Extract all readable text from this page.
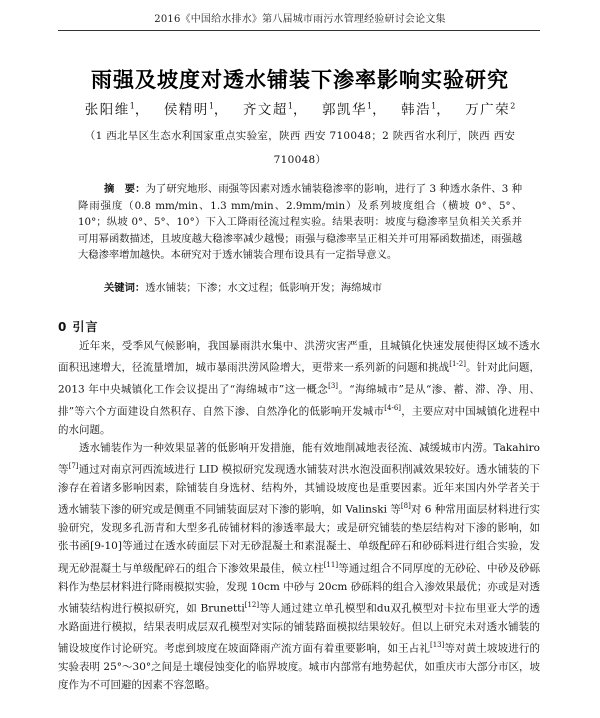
2016《中国给水排水》第八届城市雨污水管理经验研讨会论文集
雨强及坡度对透水铺装下渗率影响实验研究
张阳维$^1$， 侯精明$^1$， 齐文超$^1$， 郭凯华$^1$， 韩浩$^1$， 万广荣$^2$
（1 西北旱区生态水利国家重点实验室，陕西 西安 710048；2 陕西省水利厅，陕西 西安 710048）
摘　要：为了研究地形、雨强等因素对透水铺装稳渗率的影响，进行了 3 种透水条件、3 种降雨强度（0.8 mm/min、1.3 mm/min、2.9mm/min）及系列坡度组合（横坡 0°、5°、10°；纵坡 0°、5°、10°）下入工降雨径流过程实验。结果表明：坡度与稳渗率呈负相关关系并可用幂函数描述，且坡度越大稳渗率减少越慢；雨强与稳渗率呈正相关并可用幂函数描述，雨强越大稳渗率增加越快。本研究对于透水铺装合理布设具有一定指导意义。
关键词：透水铺装；下渗；水文过程；低影响开发；海绵城市
0 引言

近年来，受季风气候影响，我国暴雨洪水集中、洪涝灾害严重，且城镇化快速发展使得区域不透水面积迅速增大，径流量增加，城市暴雨洪涝风险增大，更带来一系列新的问题和挑战[1-2]。针对此问题，2013 年中央城镇化工作会议提出了“海绵城市”这一概念[3]。“海绵城市”是从“渗、蓄、滞、净、用、排”等六个方面建设自然积存、自然下渗、自然净化的低影响开发城市[4-6]，主要应对中国城镇化进程中的水问题。

透水铺装作为一种效果显著的低影响开发措施，能有效地削减地表径流、减缓城市内涝。Takahiro 等[7]通过对南京河西流域进行 LID 模拟研究发现透水铺装对洪水泡没面积削减效果较好。透水铺装的下渗存在着诸多影响因素，除铺装自身选材、结构外，其铺设坡度也是重要因素。近年来国内外学者关于透水铺装下渗的研究或是侧重不同铺装面层对下渗的影响，如 Valinski 等[8]对 6 种常用面层材料进行实验研究，发现多孔沥青和大型多孔砖铺材料的渗透率最大；或是研究铺装的垫层结构对下渗的影响，如张书函[9-10]等通过在透水砖面层下对无砂混凝土和素混凝土、单级配碎石和砂砾料进行组合实验，发现无砂混凝土与单级配碎石的组合下渗效果最佳，候立柱[11]等通过组合不同厚度的无砂砼、中砂及砂砾料作为垫层材料进行降雨模拟实验，发现 10cm 中砂与 20cm 砂砾料的组合入渗效果最优；亦或是对透水铺装结构进行模拟研究，如 Brunetti[12]等人通过建立单孔模型和du双孔模型对卡拉布里亚大学的透水路面进行模拟，结果表明成层双孔模型对实际的铺装路面模拟结果较好。但以上研究未对透水铺装的铺设坡度作讨论研究。考虑到坡度在坡面降雨产流方面有着重要影响，如王占礼[13]等对黄土坡坡进行的实验表明 25°～30°之间是土壤侵蚀变化的临界坡度。城市内部常有地势起伏，如重庆市大部分市区，坡度作为不可回避的因素不容忽略。
